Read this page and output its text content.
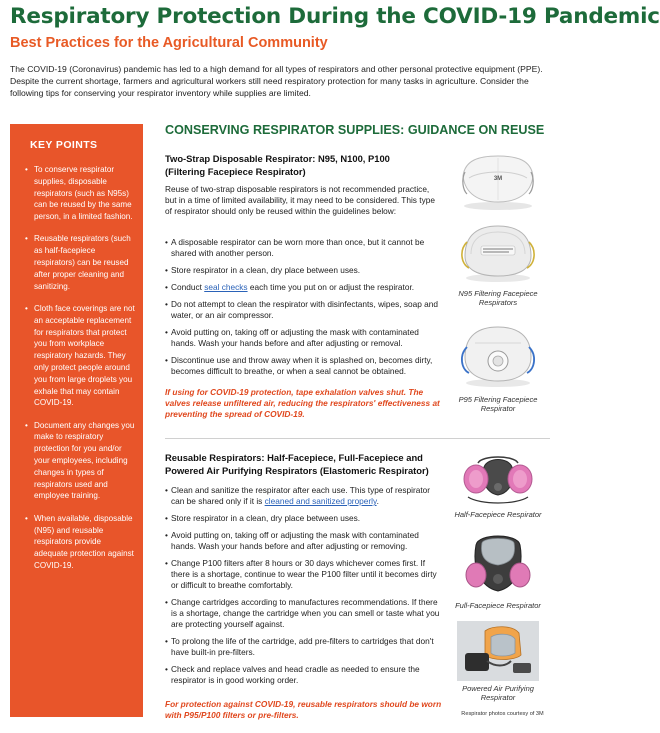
Respiratory Protection During the COVID-19 Pandemic
Best Practices for the Agricultural Community
The COVID-19 (Coronavirus) pandemic has led to a high demand for all types of respirators and other personal protective equipment (PPE). Despite the current shortage, farmers and agricultural workers still need respiratory protection for many tasks in agriculture. Consider the following tips for conserving your respirator inventory while supplies are limited.
KEY POINTS
• To conserve respirator supplies, disposable respirators (such as N95s) can be reused by the same person, in a limited fashion.
• Reusable respirators (such as half-facepiece respirators) can be reused after proper cleaning and sanitizing.
• Cloth face coverings are not an acceptable replacement for respirators that protect you from workplace respiratory hazards. They only protect people around you from large droplets you exhale that may contain COVID-19.
• Document any changes you make to respiratory protection for you and/or your employees, including changes in types of respirators used and employee training.
• When available, disposable (N95) and reusable respirators provide adequate protection against COVID-19.
CONSERVING RESPIRATOR SUPPLIES: GUIDANCE ON REUSE
Two-Strap Disposable Respirator: N95, N100, P100
(Filtering Facepiece Respirator)
Reuse of two-strap disposable respirators is not recommended practice, but in a time of limited availability, it may need to be considered. This type of respirator should only be reused within the guidelines below:
• A disposable respirator can be worn more than once, but it cannot be shared with another person.
• Store respirator in a clean, dry place between uses.
• Conduct seal checks each time you put on or adjust the respirator.
• Do not attempt to clean the respirator with disinfectants, wipes, soap and water, or an air compressor.
• Avoid putting on, taking off or adjusting the mask with contaminated hands. Wash your hands before and after adjusting or removal.
• Discontinue use and throw away when it is splashed on, becomes dirty, becomes difficult to breathe, or when a seal cannot be obtained.
If using for COVID-19 protection, tape exhalation valves shut. The valves release unfiltered air, reducing the respirators' effectiveness at preventing the spread of COVID-19.
Reusable Respirators: Half-Facepiece, Full-Facepiece and
Powered Air Purifying Respirators (Elastomeric Respirator)
• Clean and sanitize the respirator after each use. This type of respirator can be shared only if it is cleaned and sanitized properly.
• Store respirator in a clean, dry place between uses.
• Avoid putting on, taking off or adjusting the mask with contaminated hands. Wash your hands before and after adjusting or removing.
• Change P100 filters after 8 hours or 30 days whichever comes first. If there is a shortage, continue to wear the P100 filter until it becomes dirty or difficult to breathe comfortably.
• Change cartridges according to manufactures recommendations. If there is a shortage, change the cartridge when you can smell or taste what you are protecting yourself against.
• To prolong the life of the cartridge, add pre-filters to cartridges that don't have built-in pre-filters.
• Check and replace valves and head cradle as needed to ensure the respirator is in good working order.
For protection against COVID-19, reusable respirators should be worn with P95/P100 filters or pre-filters.
3M
N95 Filtering Facepiece Respirators
P95 Filtering Facepiece Respirator
Half-Facepiece Respirator
Full-Facepiece Respirator
Powered Air Purifying Respirator
Respirator photos courtesy of 3M
